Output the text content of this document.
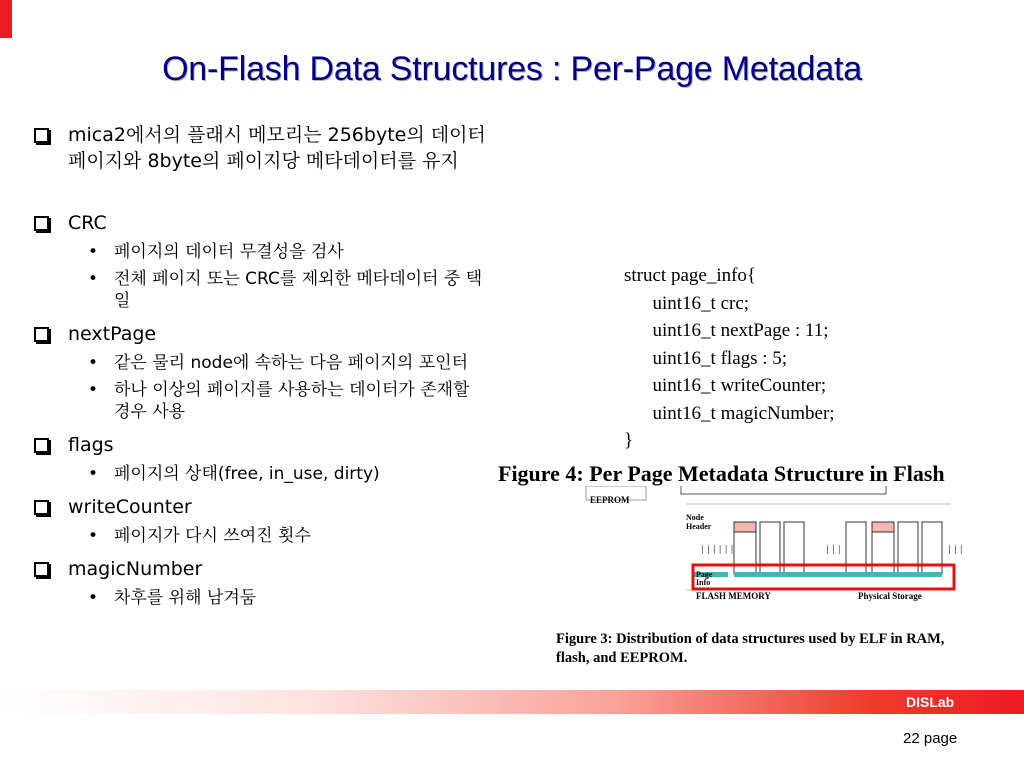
On-Flash Data Structures : Per-Page Metadata
mica2에서의 플래시 메모리는 256byte의 데이터
페이지와 8byte의 페이지당 메타데이터를 유지
CRC
• 페이지의 데이터 무결성을 검사
• 전체 페이지 또는 CRC를 제외한 메타데이터 중 택
일
nextPage
• 같은 물리 node에 속하는 다음 페이지의 포인터
• 하나 이상의 페이지를 사용하는 데이터가 존재할
경우 사용
flags
• 페이지의 상태(free, in_use, dirty)
writeCounter
• 페이지가 다시 쓰여진 횟수
magicNumber
• 차후를 위해 남겨둠
struct page_info{
uint16_t crc;
uint16_t nextPage : 11;
uint16_t flags : 5;
uint16_t writeCounter;
uint16_t magicNumber;
}
Figure 4: Per Page Metadata Structure in Flash
EEPROM
Node
Header
| | | | | |	| | |	| | |
Page
Info
FLASH MEMORY	Physical Storage
Figure 3: Distribution of data structures used by ELF in RAM,
flash, and EEPROM.
DISLab
22 page
